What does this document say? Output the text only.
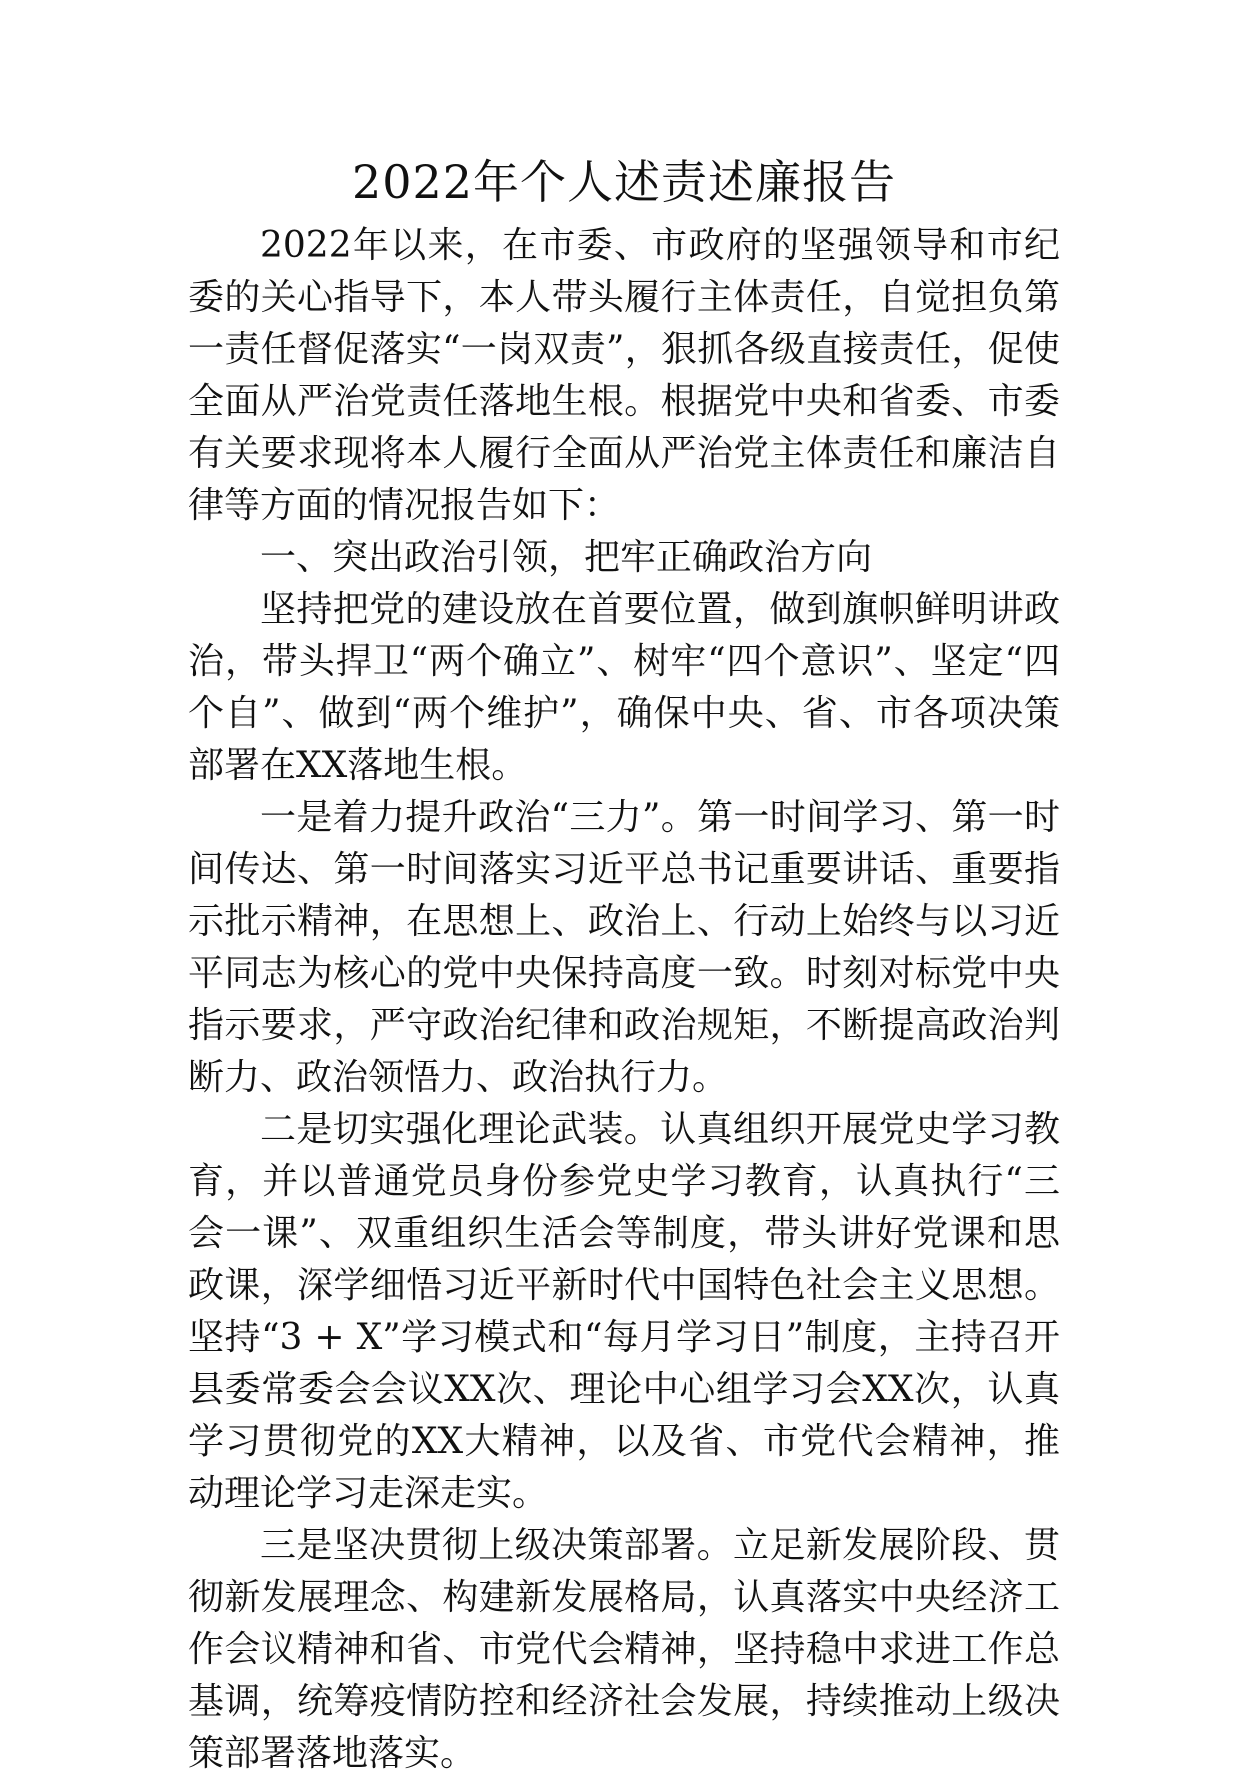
2022年个人述责述廉报告

2022年以来，在市委、市政府的坚强领导和市纪委的关心指导下，本人带头履行主体责任，自觉担负第一责任督促落实“一岗双责”，狠抓各级直接责任，促使全面从严治党责任落地生根。根据党中央和省委、市委有关要求现将本人履行全面从严治党主体责任和廉洁自律等方面的情况报告如下：

一、突出政治引领，把牢正确政治方向

坚持把党的建设放在首要位置，做到旗帜鲜明讲政治，带头捍卫“两个确立”、树牢“四个意识”、坚定“四个自”、做到“两个维护”，确保中央、省、市各项决策部署在XX落地生根。

一是着力提升政治“三力”。第一时间学习、第一时间传达、第一时间落实习近平总书记重要讲话、重要指示批示精神，在思想上、政治上、行动上始终与以习近平同志为核心的党中央保持高度一致。时刻对标党中央指示要求，严守政治纪律和政治规矩，不断提高政治判断力、政治领悟力、政治执行力。

二是切实强化理论武装。认真组织开展党史学习教育，并以普通党员身份参党史学习教育，认真执行“三会一课”、双重组织生活会等制度，带头讲好党课和思政课，深学细悟习近平新时代中国特色社会主义思想。坚持“3 + X”学习模式和“每月学习日”制度，主持召开县委常委会会议XX次、理论中心组学习会XX次，认真学习贯彻党的XX大精神，以及省、市党代会精神，推动理论学习走深走实。

三是坚决贯彻上级决策部署。立足新发展阶段、贯彻新发展理念、构建新发展格局，认真落实中央经济工作会议精神和省、市党代会精神，坚持稳中求进工作总基调，统筹疫情防控和经济社会发展，持续推动上级决策部署落地落实。
